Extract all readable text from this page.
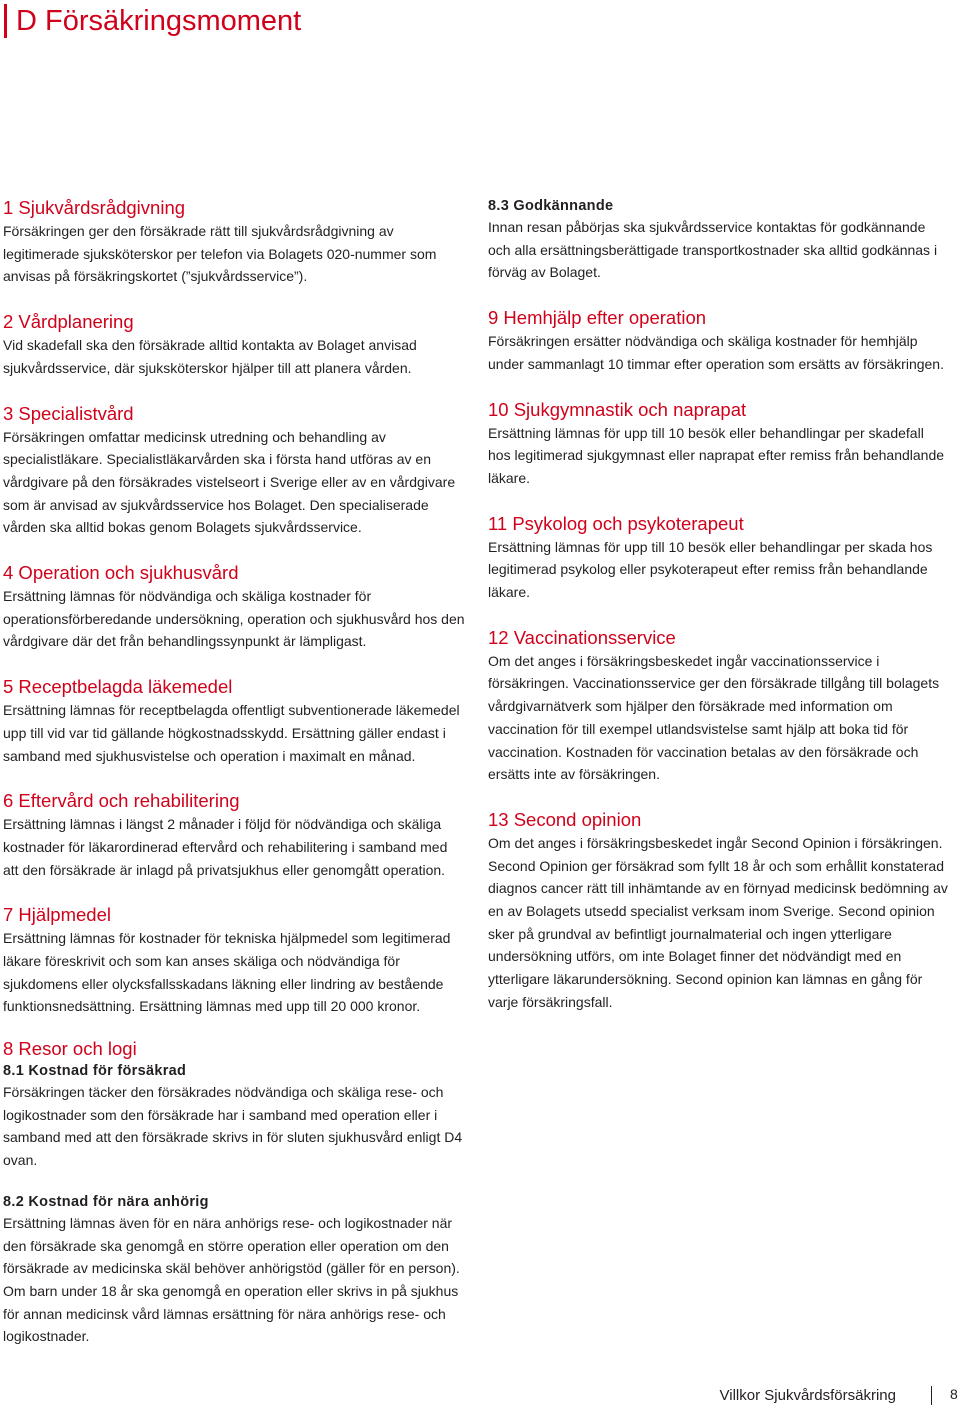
D Försäkringsmoment
1 Sjukvårdsrådgivning

Försäkringen ger den försäkrade rätt till sjukvårdsrådgivning av legitimerade sjuksköterskor per telefon via Bolagets 020-nummer som anvisas på försäkringskortet (”sjukvårdsservice”).

2 Vårdplanering

Vid skadefall ska den försäkrade alltid kontakta av Bolaget anvisad sjukvårdsservice, där sjuksköterskor hjälper till att planera vården.

3 Specialistvård

Försäkringen omfattar medicinsk utredning och behandling av specialistläkare. Specialistläkarvården ska i första hand utföras av en vårdgivare på den försäkrades vistelseort i Sverige eller av en vårdgivare som är anvisad av sjukvårdsservice hos Bolaget. Den specialiserade vården ska alltid bokas genom Bolagets sjukvårdsservice.

4 Operation och sjukhusvård

Ersättning lämnas för nödvändiga och skäliga kostnader för operationsförberedande undersökning, operation och sjukhusvård hos den vårdgivare där det från behandlingssynpunkt är lämpligast.

5 Receptbelagda läkemedel

Ersättning lämnas för receptbelagda offentligt subventionerade läkemedel upp till vid var tid gällande högkostnadsskydd. Ersättning gäller endast i samband med sjukhusvistelse och operation i maximalt en månad.

6 Eftervård och rehabilitering

Ersättning lämnas i längst 2 månader i följd för nödvändiga och skäliga kostnader för läkarordinerad eftervård och rehabilitering i samband med att den försäkrade är inlagd på privatsjukhus eller genomgått operation.

7 Hjälpmedel

Ersättning lämnas för kostnader för tekniska hjälpmedel som legitimerad läkare föreskrivit och som kan anses skäliga och nödvändiga för sjukdomens eller olycksfallsskadans läkning eller lindring av bestående funktionsnedsättning. Ersättning lämnas med upp till 20 000 kronor.

8 Resor och logi
8.1 Kostnad för försäkrad

Försäkringen täcker den försäkrades nödvändiga och skäliga rese- och logikostnader som den försäkrade har i samband med operation eller i samband med att den försäkrade skrivs in för sluten sjukhusvård enligt D4 ovan.

8.2 Kostnad för nära anhörig

Ersättning lämnas även för en nära anhörigs rese- och logikostnader när den försäkrade ska genomgå en större operation eller operation om den försäkrade av medicinska skäl behöver anhörigstöd (gäller för en person). Om barn under 18 år ska genomgå en operation eller skrivs in på sjukhus för annan medicinsk vård lämnas ersättning för nära anhörigs rese- och logikostnader.

8.3 Godkännande

Innan resan påbörjas ska sjukvårdsservice kontaktas för godkännande och alla ersättningsberättigade transportkostnader ska alltid godkännas i förväg av Bolaget.

9 Hemhjälp efter operation

Försäkringen ersätter nödvändiga och skäliga kostnader för hemhjälp under sammanlagt 10 timmar efter operation som ersätts av försäkringen.

10 Sjukgymnastik och naprapat

Ersättning lämnas för upp till 10 besök eller behandlingar per skadefall hos legitimerad sjukgymnast eller naprapat efter remiss från behandlande läkare.

11 Psykolog och psykoterapeut

Ersättning lämnas för upp till 10 besök eller behandlingar per skada hos legitimerad psykolog eller psykoterapeut efter remiss från behandlande läkare.

12 Vaccinationsservice

Om det anges i försäkringsbeskedet ingår vaccinationsservice i försäkringen. Vaccinationsservice ger den försäkrade tillgång till bolagets vårdgivarnätverk som hjälper den försäkrade med information om vaccination för till exempel utlandsvistelse samt hjälp att boka tid för vaccination. Kostnaden för vaccination betalas av den försäkrade och ersätts inte av försäkringen.

13 Second opinion

Om det anges i försäkringsbeskedet ingår Second Opinion i försäkringen. Second Opinion ger försäkrad som fyllt 18 år och som erhållit konstaterad diagnos cancer rätt till inhämtande av en förnyad medicinsk bedömning av en av Bolagets utsedd specialist verksam inom Sverige. Second opinion sker på grundval av befintligt journalmaterial och ingen ytterligare undersökning utförs, om inte Bolaget finner det nödvändigt med en ytterligare läkarundersökning. Second opinion kan lämnas en gång för varje försäkringsfall.

Villkor Sjukvårdsförsäkring	8
